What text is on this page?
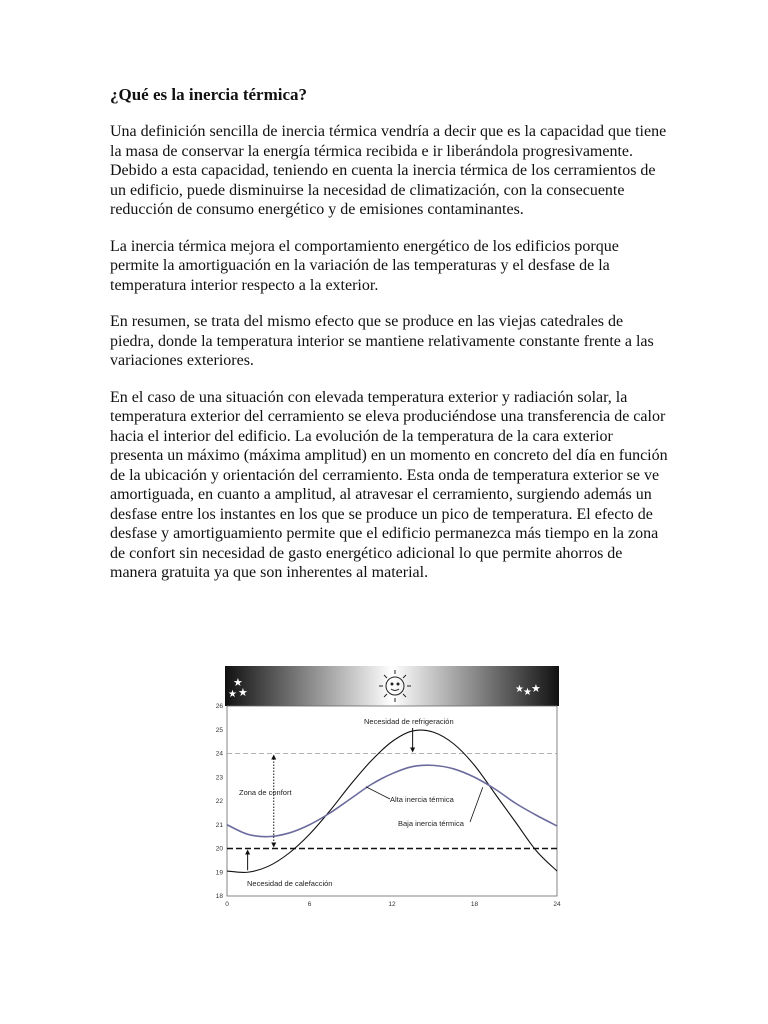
¿Qué es la inercia térmica?

Una definición sencilla de inercia térmica vendría a decir que es la capacidad que tiene la masa de conservar la energía térmica recibida e ir liberándola progresivamente. Debido a esta capacidad, teniendo en cuenta la inercia térmica de los cerramientos de un edificio, puede disminuirse la necesidad de climatización, con la consecuente reducción de consumo energético y de emisiones contaminantes.

La inercia térmica mejora el comportamiento energético de los edificios porque permite la amortiguación en la variación de las temperaturas y el desfase de la temperatura interior respecto a la exterior.

En resumen, se trata del mismo efecto que se produce en las viejas catedrales de piedra, donde la temperatura interior se mantiene relativamente constante frente a las variaciones exteriores.

En el caso de una situación con elevada temperatura exterior y radiación solar, la temperatura exterior del cerramiento se eleva produciéndose una transferencia de calor hacia el interior del edificio. La evolución de la temperatura de la cara exterior presenta un máximo (máxima amplitud) en un momento en concreto del día en función de la ubicación y orientación del cerramiento. Esta onda de temperatura exterior se ve amortiguada, en cuanto a amplitud, al atravesar el cerramiento, surgiendo además un desfase entre los instantes en los que se produce un pico de temperatura. El efecto de desfase y amortiguamiento permite que el edificio permanezca más tiempo en la zona de confort sin necesidad de gasto energético adicional lo que permite ahorros de manera gratuita ya que son inherentes al material.

★
★ ★	★ ★ ★
18
19
20
21
22
23
24
25
26
0	6	12	18	24
Necesidad de refrigeración
Zona de confort
Alta inercia térmica
Baja inercia térmica
Necesidad de calefacción
